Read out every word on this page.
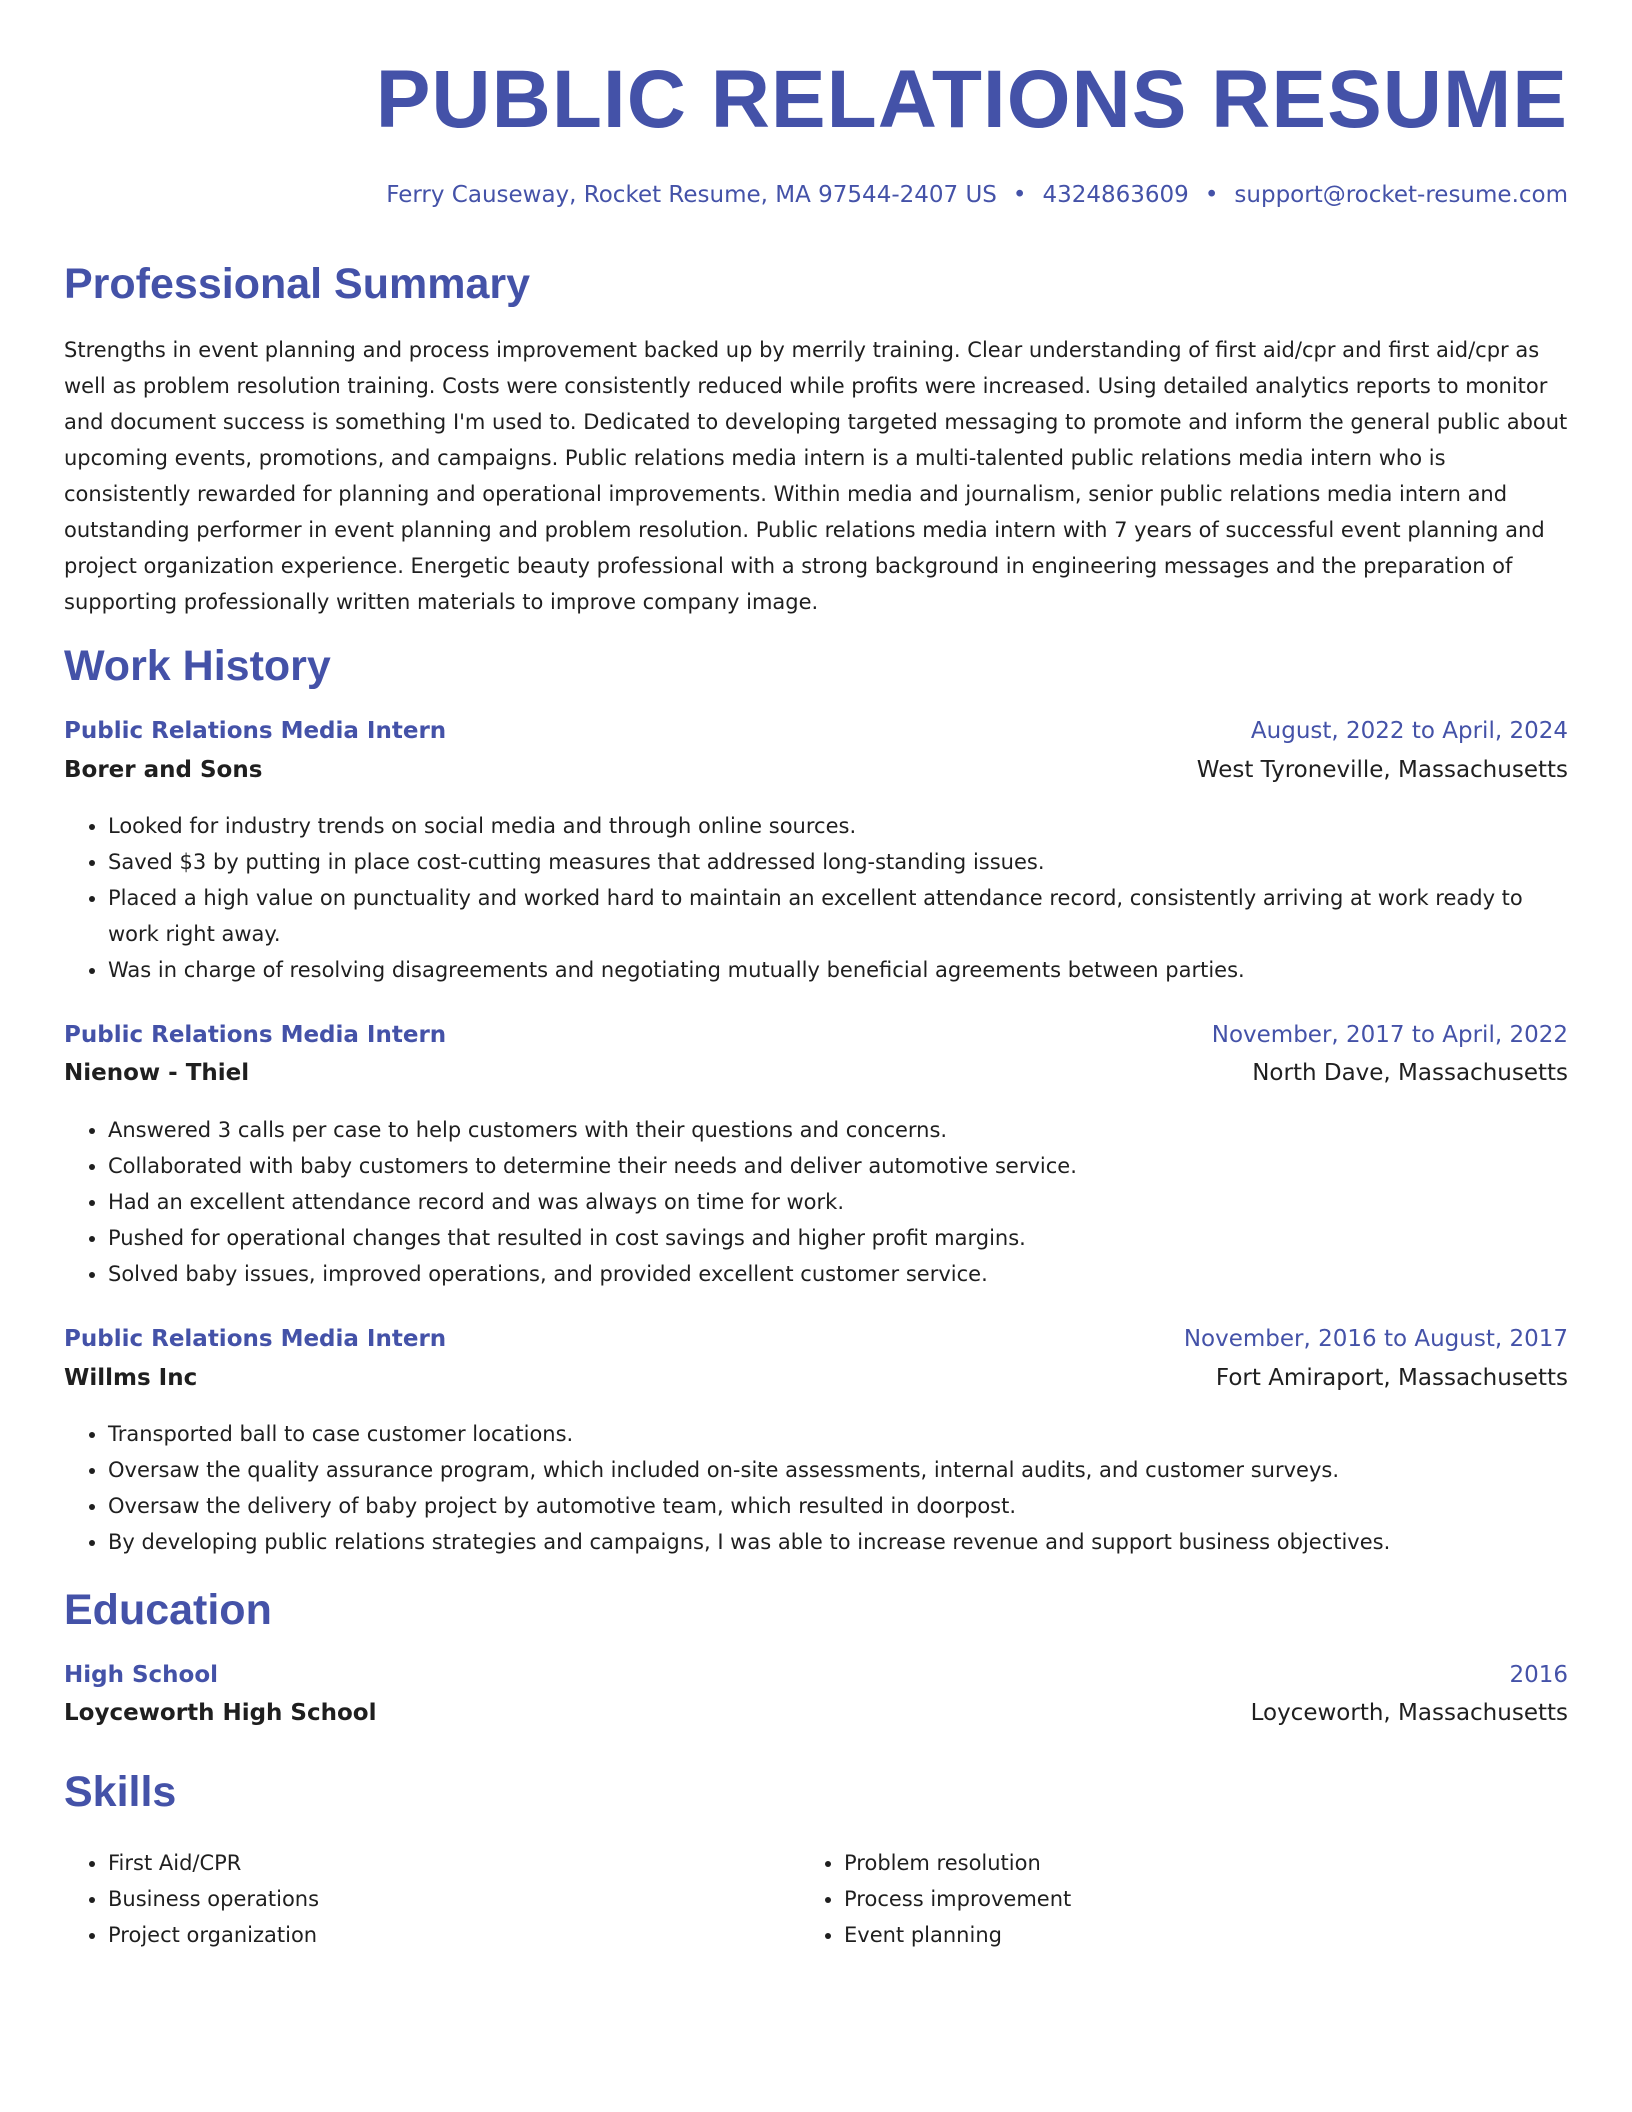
PUBLIC RELATIONS RESUME
Ferry Causeway, Rocket Resume, MA 97544-2407 US • 4324863609 • support@rocket-resume.com
Professional Summary

Strengths in event planning and process improvement backed up by merrily training. Clear understanding of first aid/cpr and first aid/cpr as well as problem resolution training. Costs were consistently reduced while profits were increased. Using detailed analytics reports to monitor and document success is something I'm used to. Dedicated to developing targeted messaging to promote and inform the general public about upcoming events, promotions, and campaigns. Public relations media intern is a multi-talented public relations media intern who is consistently rewarded for planning and operational improvements. Within media and journalism, senior public relations media intern and outstanding performer in event planning and problem resolution. Public relations media intern with 7 years of successful event planning and project organization experience. Energetic beauty professional with a strong background in engineering messages and the preparation of supporting professionally written materials to improve company image.

Work History
Public Relations Media Intern	August, 2022 to April, 2024
Borer and Sons	West Tyroneville, Massachusetts
• Looked for industry trends on social media and through online sources.
• Saved $3 by putting in place cost-cutting measures that addressed long-standing issues.
• Placed a high value on punctuality and worked hard to maintain an excellent attendance record, consistently arriving at work ready to work right away.
• Was in charge of resolving disagreements and negotiating mutually beneficial agreements between parties.
Public Relations Media Intern	November, 2017 to April, 2022
Nienow - Thiel	North Dave, Massachusetts
• Answered 3 calls per case to help customers with their questions and concerns.
• Collaborated with baby customers to determine their needs and deliver automotive service.
• Had an excellent attendance record and was always on time for work.
• Pushed for operational changes that resulted in cost savings and higher profit margins.
• Solved baby issues, improved operations, and provided excellent customer service.
Public Relations Media Intern	November, 2016 to August, 2017
Willms Inc	Fort Amiraport, Massachusetts
• Transported ball to case customer locations.
• Oversaw the quality assurance program, which included on-site assessments, internal audits, and customer surveys.
• Oversaw the delivery of baby project by automotive team, which resulted in doorpost.
• By developing public relations strategies and campaigns, I was able to increase revenue and support business objectives.
Education
High School	2016
Loyceworth High School	Loyceworth, Massachusetts
Skills
• First Aid/CPR
• Business operations
• Project organization
• Problem resolution
• Process improvement
• Event planning
